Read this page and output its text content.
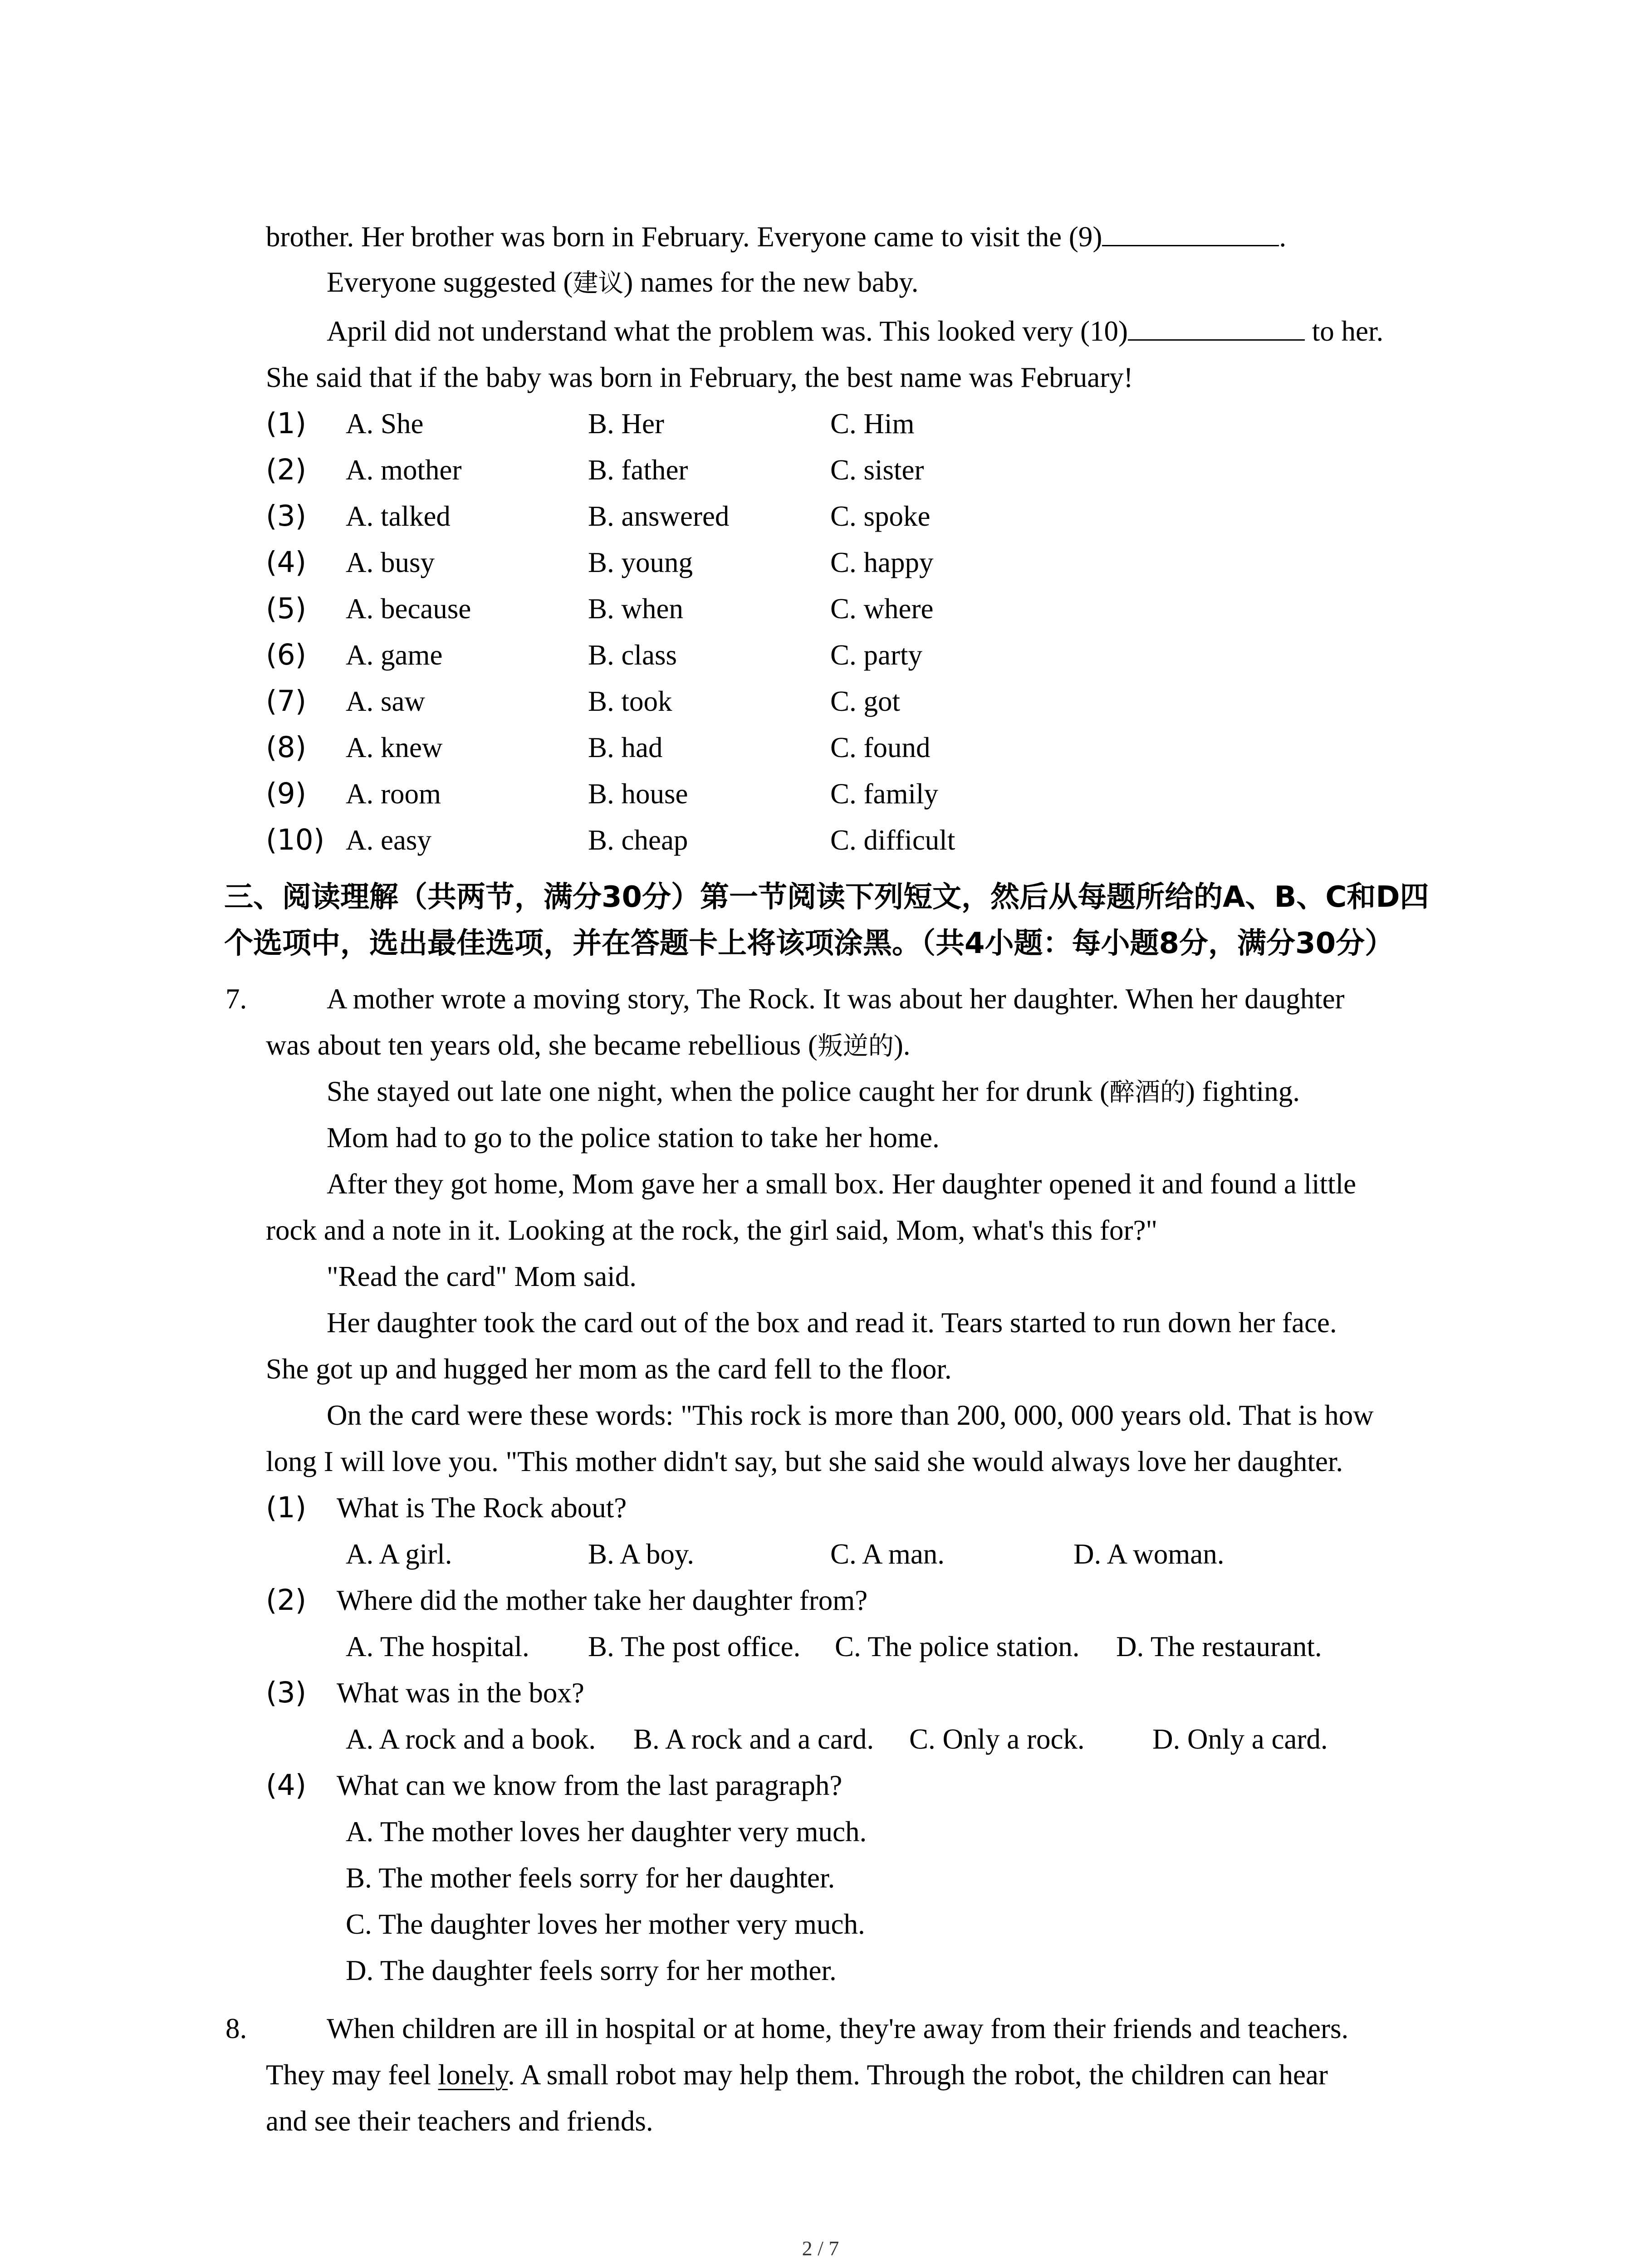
brother. Her brother was born in February. Everyone came to visit the (9)	.
Everyone suggested (建议) names for the new baby.
April did not understand what the problem was. This looked very (10)	to her.
She said that if the baby was born in February, the best name was February!
(1) A. She	B. Her	C. Him
(2) A. mother	B. father	C. sister
(3) A. talked	B. answered	C. spoke
(4) A. busy	B. young	C. happy
(5) A. because	B. when	C. where
(6) A. game	B. class	C. party
(7) A. saw	B. took	C. got
(8) A. knew	B. had	C. found
(9) A. room	B. house	C. family
(10) A. easy	B. cheap	C. difficult
三、阅读理解（共两节，满分30分）第一节阅读下列短文，然后从每题所给的A、B、C和D四
个选项中，选出最佳选项，并在答题卡上将该项涂黑。（共4小题：每小题8分，满分30分）
7.	A mother wrote a moving story, The Rock. It was about her daughter. When her daughter
was about ten years old, she became rebellious (叛逆的).
She stayed out late one night, when the police caught her for drunk (醉酒的) fighting.
Mom had to go to the police station to take her home.
After they got home, Mom gave her a small box. Her daughter opened it and found a little
rock and a note in it. Looking at the rock, the girl said, Mom, what's this for?"
"Read the card" Mom said.
Her daughter took the card out of the box and read it. Tears started to run down her face.
She got up and hugged her mom as the card fell to the floor.
On the card were these words: "This rock is more than 200, 000, 000 years old. That is how
long I will love you. "This mother didn't say, but she said she would always love her daughter.
(1) What is The Rock about?
A. A girl.	B. A boy.	C. A man.	D. A woman.
(2) Where did the mother take her daughter from?
A. The hospital. B. The post office. C. The police station. D. The restaurant.
(3) What was in the box?
A. A rock and a book. B. A rock and a card. C. Only a rock. D. Only a card.
(4) What can we know from the last paragraph?
A. The mother loves her daughter very much.
B. The mother feels sorry for her daughter.
C. The daughter loves her mother very much.
D. The daughter feels sorry for her mother.
8.	When children are ill in hospital or at home, they're away from their friends and teachers.
They may feel lonely. A small robot may help them. Through the robot, the children can hear
and see their teachers and friends.
2 / 7
